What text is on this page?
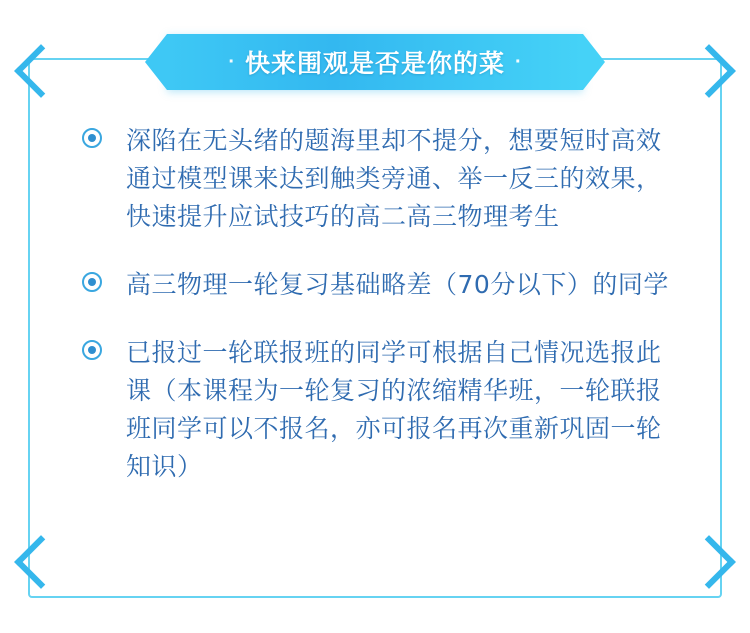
· 快来围观是否是你的菜 ·
深陷在无头绪的题海里却不提分，想要短时高效通过模型课来达到触类旁通、举一反三的效果，快速提升应试技巧的高二高三物理考生
高三物理一轮复习基础略差（70分以下）的同学
已报过一轮联报班的同学可根据自己情况选报此课（本课程为一轮复习的浓缩精华班，一轮联报班同学可以不报名，亦可报名再次重新巩固一轮知识）
